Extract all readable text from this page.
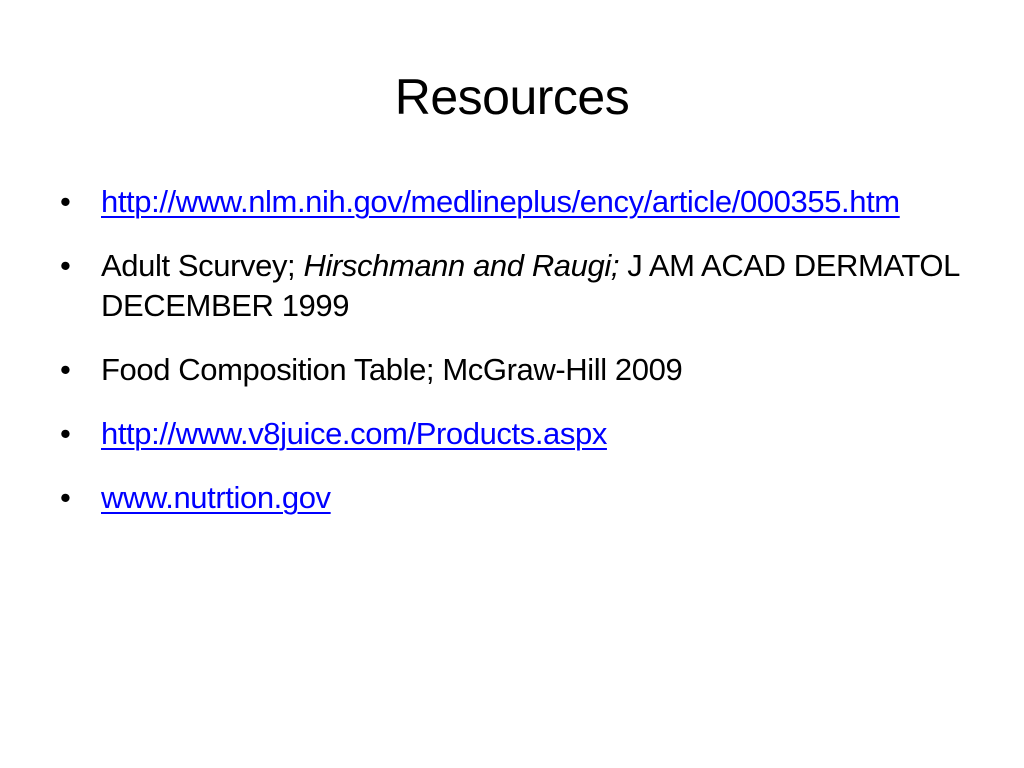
Resources
• http://www.nlm.nih.gov/medlineplus/ency/article/000355.htm
• Adult Scurvey; Hirschmann and Raugi; J AM ACAD DERMATOL DECEMBER 1999
• Food Composition Table; McGraw-Hill 2009
• http://www.v8juice.com/Products.aspx
• www.nutrtion.gov
